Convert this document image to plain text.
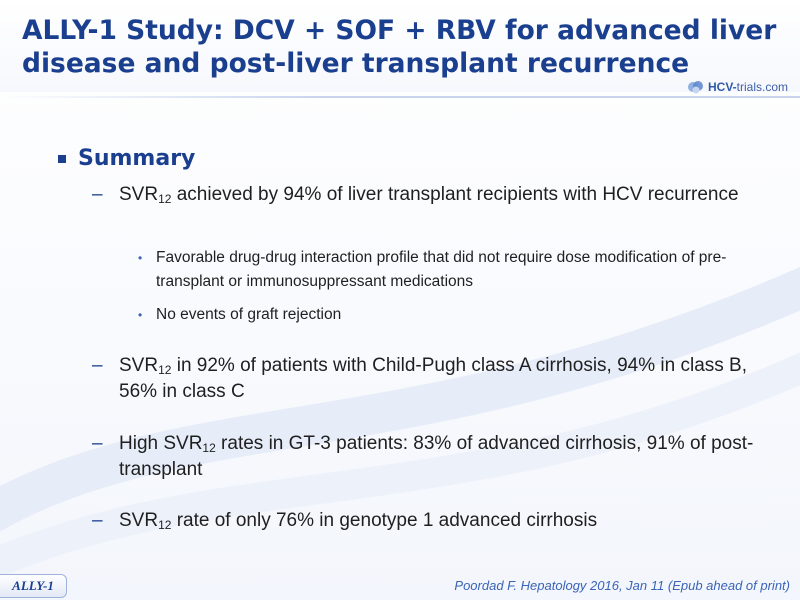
ALLY-1 Study: DCV + SOF + RBV for advanced liver
disease and post-liver transplant recurrence
HCV-trials.com
Summary
– $SVR_{12}$ achieved by 94% of liver transplant recipients with HCV recurrence
• Favorable drug-drug interaction profile that did not require dose modification of pre-transplant or immunosuppressant medications
• No events of graft rejection
– $SVR_{12}$ in 92% of patients with Child-Pugh class A cirrhosis, 94% in class B, 56% in class C
– High $SVR_{12}$ rates in GT-3 patients: 83% of advanced cirrhosis, 91% of post-transplant
– $SVR_{12}$ rate of only 76% in genotype 1 advanced cirrhosis
ALLY-1	Poordad F. Hepatology 2016, Jan 11 (Epub ahead of print)
